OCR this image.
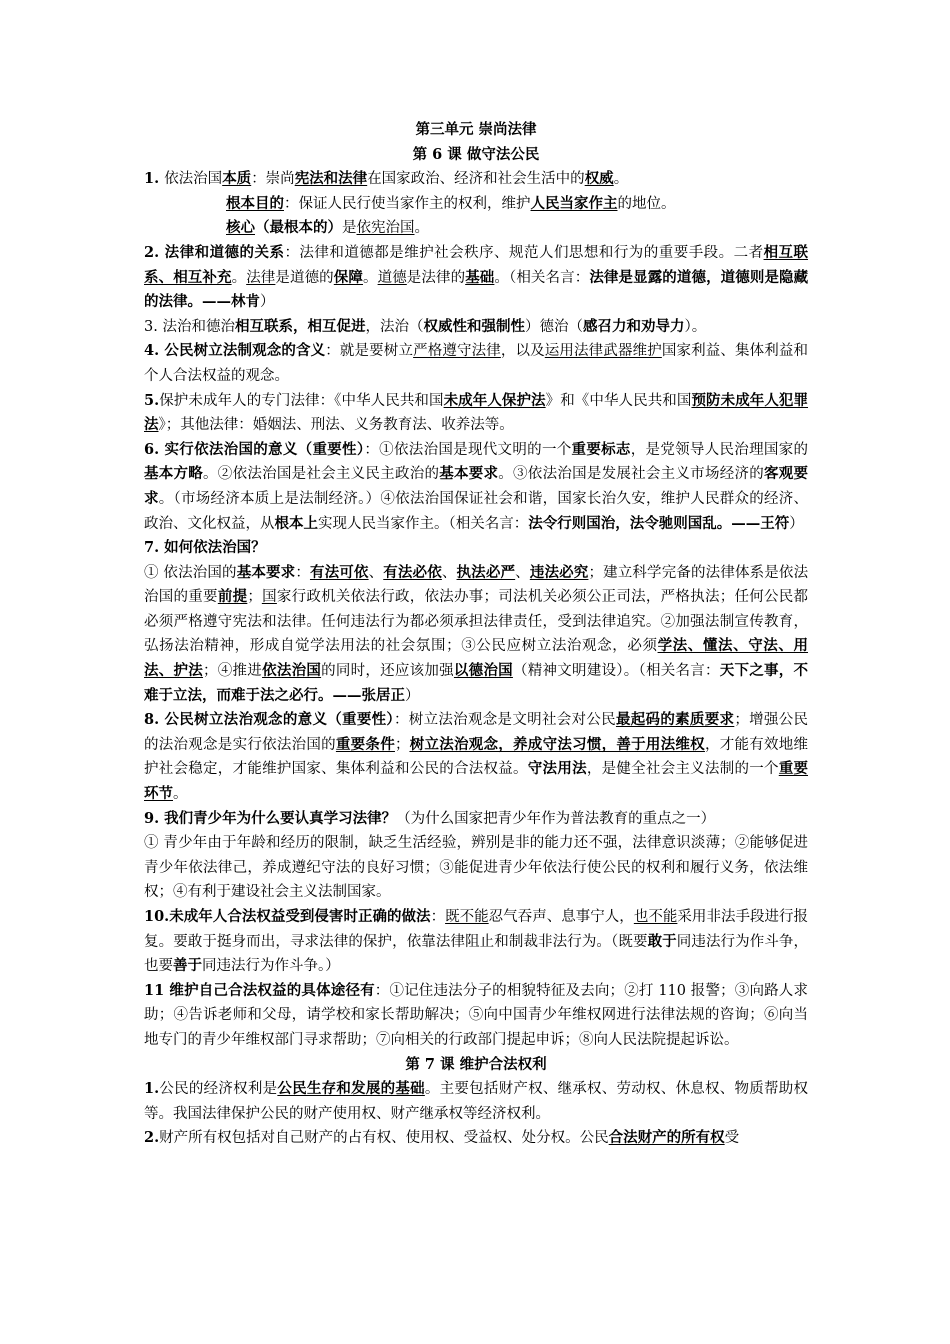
第三单元 崇尚法律

第 6 课 做守法公民

1. 依法治国本质：崇尚宪法和法律在国家政治、经济和社会生活中的权威。

根本目的：保证人民行使当家作主的权利，维护人民当家作主的地位。

核心（最根本的）是依宪治国。

2. 法律和道德的关系：法律和道德都是维护社会秩序、规范人们思想和行为的重要手段。二者相互联系、相互补充。法律是道德的保障。道德是法律的基础。（相关名言：法律是显露的道德，道德则是隐藏的法律。——林肯）

3. 法治和德治相互联系，相互促进，法治（权威性和强制性）德治（感召力和劝导力）。

4. 公民树立法制观念的含义：就是要树立严格遵守法律，以及运用法律武器维护国家利益、集体利益和个人合法权益的观念。

5.保护未成年人的专门法律：《中华人民共和国未成年人保护法》和《中华人民共和国预防未成年人犯罪法》；其他法律：婚姻法、刑法、义务教育法、收养法等。

6. 实行依法治国的意义（重要性）：①依法治国是现代文明的一个重要标志，是党领导人民治理国家的基本方略。②依法治国是社会主义民主政治的基本要求。③依法治国是发展社会主义市场经济的客观要求。（市场经济本质上是法制经济。）④依法治国保证社会和谐，国家长治久安，维护人民群众的经济、政治、文化权益，从根本上实现人民当家作主。（相关名言：法令行则国治，法令驰则国乱。——王符）

7. 如何依法治国？

① 依法治国的基本要求：有法可依、有法必依、执法必严、违法必究；建立科学完备的法律体系是依法治国的重要前提；国家行政机关依法行政，依法办事；司法机关必须公正司法，严格执法；任何公民都必须严格遵守宪法和法律。任何违法行为都必须承担法律责任，受到法律追究。②加强法制宣传教育，弘扬法治精神，形成自觉学法用法的社会氛围；③公民应树立法治观念，必须学法、懂法、守法、用法、护法；④推进依法治国的同时，还应该加强以德治国（精神文明建设）。（相关名言：天下之事，不难于立法，而难于法之必行。——张居正）

8. 公民树立法治观念的意义（重要性）：树立法治观念是文明社会对公民最起码的素质要求；增强公民的法治观念是实行依法治国的重要条件；树立法治观念，养成守法习惯，善于用法维权，才能有效地维护社会稳定，才能维护国家、集体利益和公民的合法权益。守法用法，是健全社会主义法制的一个重要环节。

9. 我们青少年为什么要认真学习法律？（为什么国家把青少年作为普法教育的重点之一）

① 青少年由于年龄和经历的限制，缺乏生活经验，辨别是非的能力还不强，法律意识淡薄；②能够促进青少年依法律己，养成遵纪守法的良好习惯；③能促进青少年依法行使公民的权利和履行义务，依法维权；④有利于建设社会主义法制国家。

10.未成年人合法权益受到侵害时正确的做法：既不能忍气吞声、息事宁人，也不能采用非法手段进行报复。要敢于挺身而出，寻求法律的保护，依靠法律阻止和制裁非法行为。（既要敢于同违法行为作斗争，也要善于同违法行为作斗争。）

11 维护自己合法权益的具体途径有：①记住违法分子的相貌特征及去向；②打 110 报警；③向路人求助；④告诉老师和父母，请学校和家长帮助解决；⑤向中国青少年维权网进行法律法规的咨询；⑥向当地专门的青少年维权部门寻求帮助；⑦向相关的行政部门提起申诉；⑧向人民法院提起诉讼。

第 7 课 维护合法权利

1.公民的经济权利是公民生存和发展的基础。主要包括财产权、继承权、劳动权、休息权、物质帮助权等。我国法律保护公民的财产使用权、财产继承权等经济权利。

2.财产所有权包括对自己财产的占有权、使用权、受益权、处分权。公民合法财产的所有权受
